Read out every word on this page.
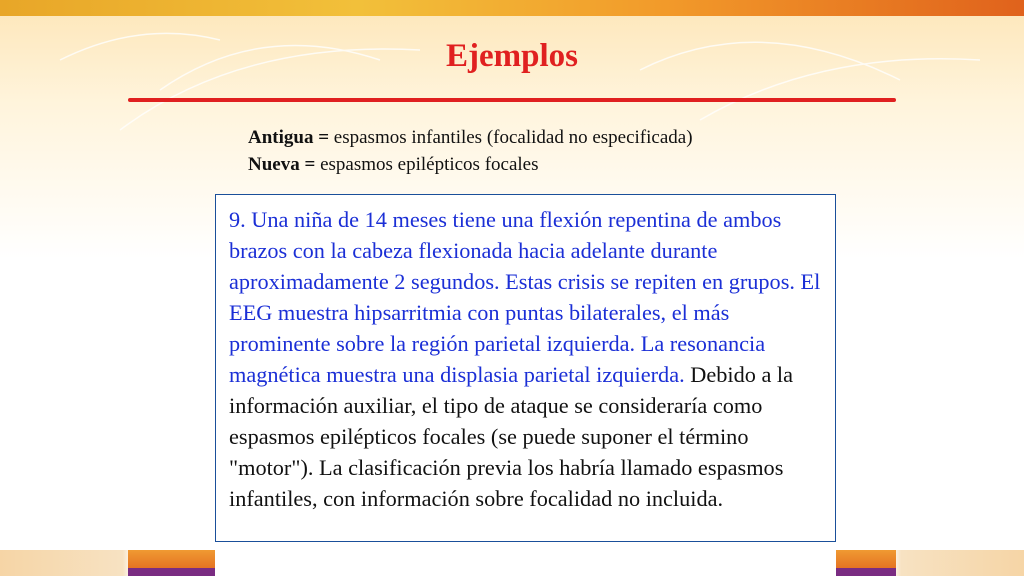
Ejemplos
Antigua = espasmos infantiles (focalidad no especificada)
Nueva = espasmos epilépticos focales
9. Una niña de 14 meses tiene una flexión repentina de ambos brazos con la cabeza flexionada hacia adelante durante aproximadamente 2 segundos. Estas crisis se repiten en grupos. El EEG muestra hipsarritmia con puntas bilaterales, el más prominente sobre la región parietal izquierda. La resonancia magnética muestra una displasia parietal izquierda. Debido a la información auxiliar, el tipo de ataque se consideraría como espasmos epilépticos focales (se puede suponer el término "motor"). La clasificación previa los habría llamado espasmos infantiles, con información sobre focalidad no incluida.
